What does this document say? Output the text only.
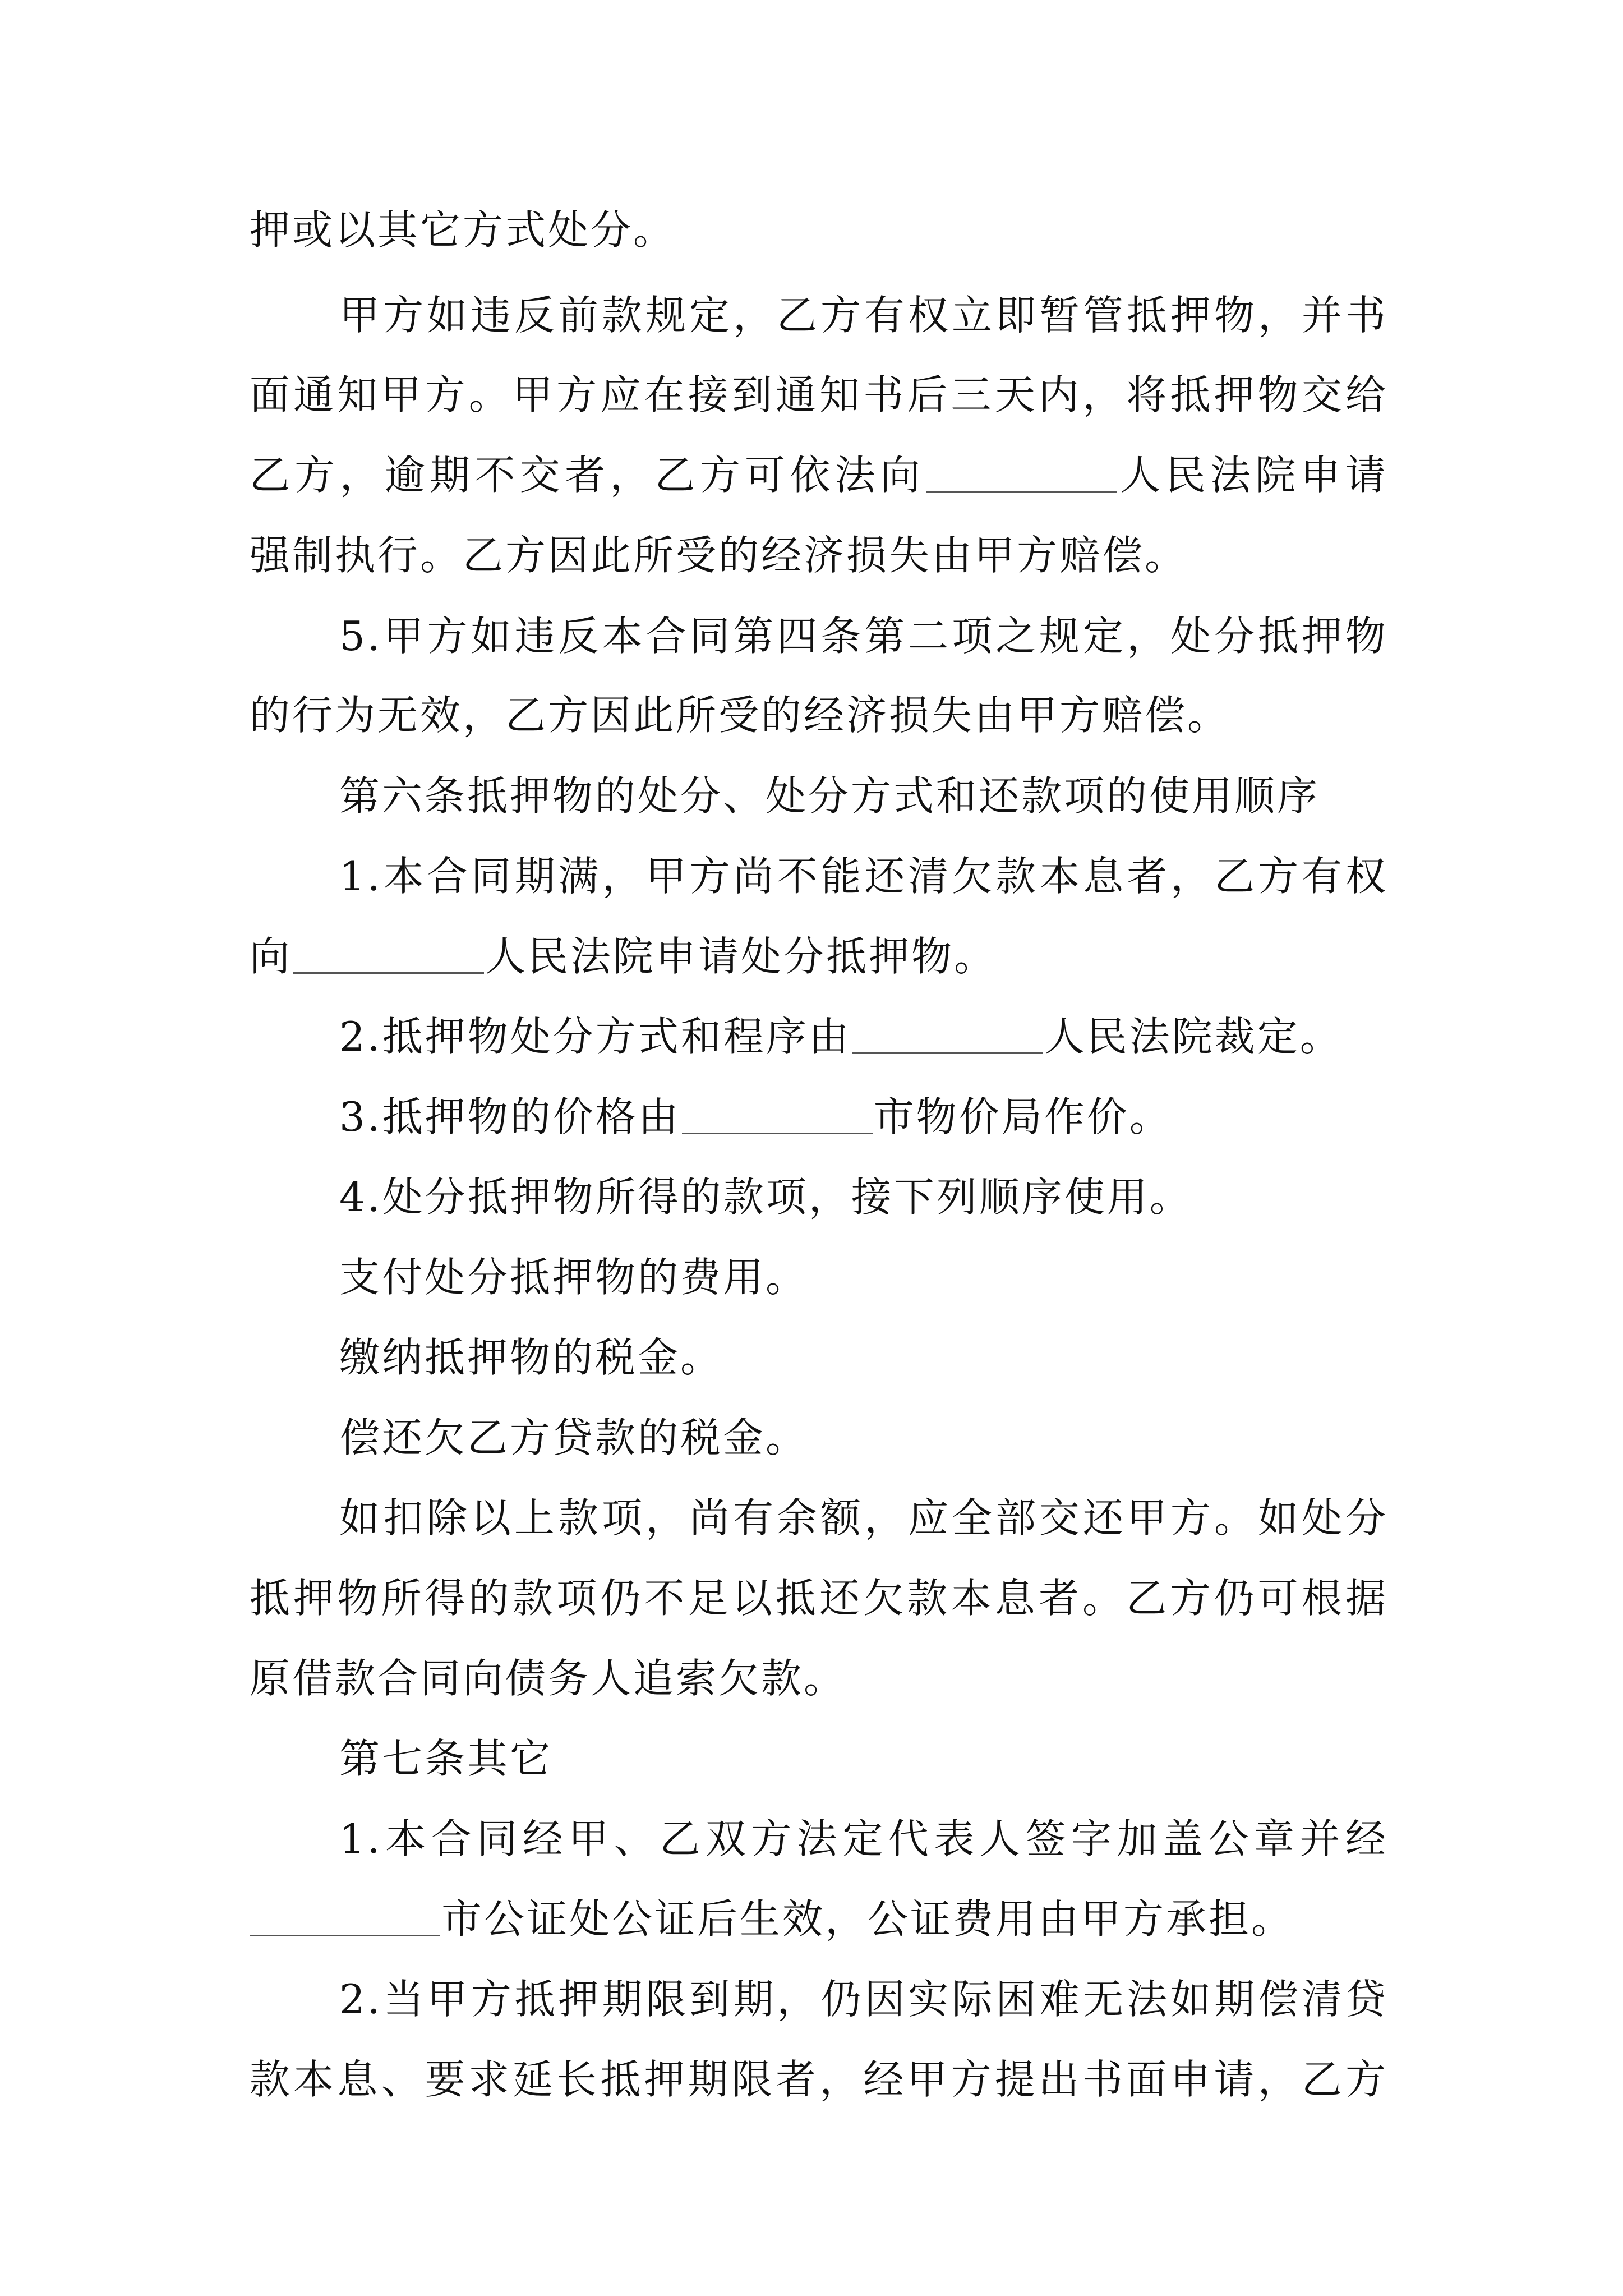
押或以其它方式处分。
甲方如违反前款规定，乙方有权立即暂管抵押物，并书
面通知甲方。甲方应在接到通知书后三天内，将抵押物交给
乙方，逾期不交者，乙方可依法向	人民法院申请
强制执行。乙方因此所受的经济损失由甲方赔偿。
5.甲方如违反本合同第四条第二项之规定，处分抵押物
的行为无效，乙方因此所受的经济损失由甲方赔偿。
第六条抵押物的处分、处分方式和还款项的使用顺序
1.本合同期满，甲方尚不能还清欠款本息者，乙方有权
向	人民法院申请处分抵押物。
2.抵押物处分方式和程序由	人民法院裁定。
3.抵押物的价格由	市物价局作价。
4.处分抵押物所得的款项，接下列顺序使用。
支付处分抵押物的费用。
缴纳抵押物的税金。
偿还欠乙方贷款的税金。
如扣除以上款项，尚有余额，应全部交还甲方。如处分
抵押物所得的款项仍不足以抵还欠款本息者。乙方仍可根据
原借款合同向债务人追索欠款。
第七条其它
1.本合同经甲、乙双方法定代表人签字加盖公章并经
市公证处公证后生效，公证费用由甲方承担。
2.当甲方抵押期限到期，仍因实际困难无法如期偿清贷
款本息、要求延长抵押期限者，经甲方提出书面申请，乙方
